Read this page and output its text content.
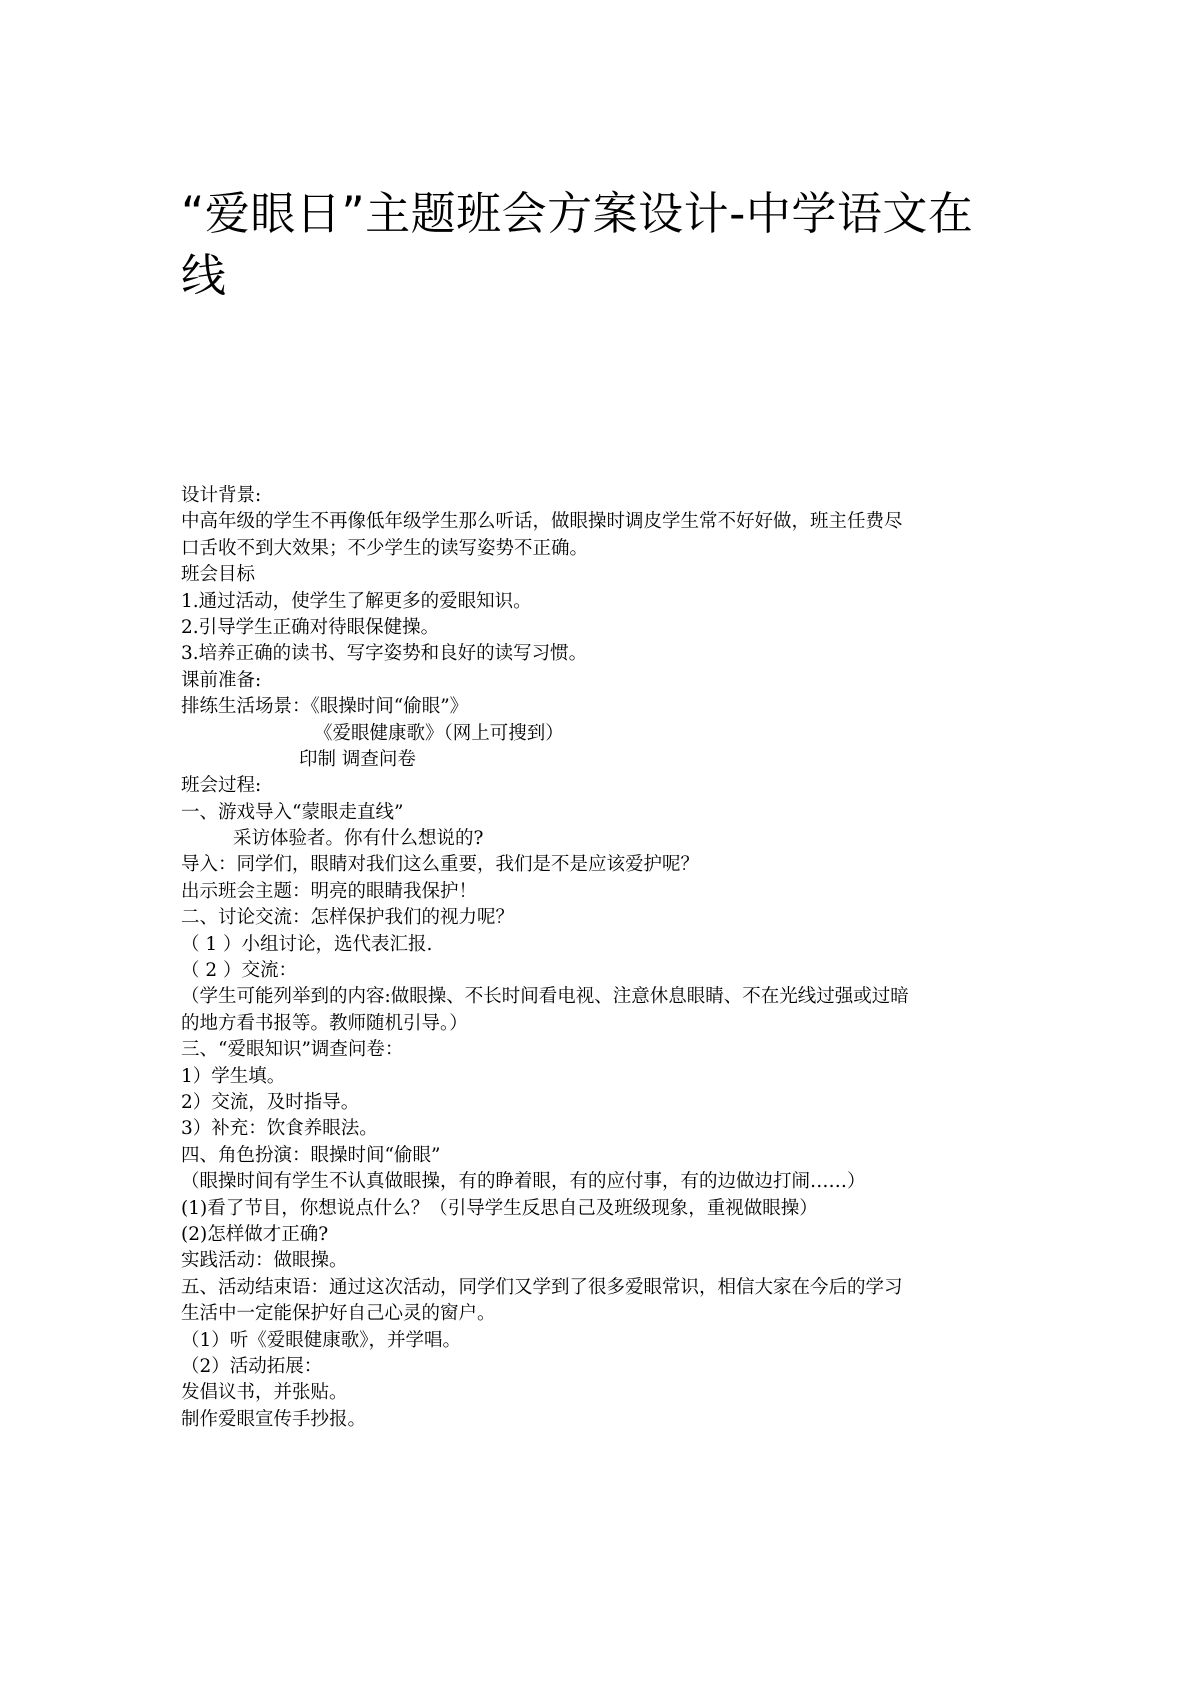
“爱眼日”主题班会方案设计-中学语文在线

设计背景:

中高年级的学生不再像低年级学生那么听话，做眼操时调皮学生常不好好做，班主任费尽

口舌收不到大效果；不少学生的读写姿势不正确。

班会目标

1.通过活动，使学生了解更多的爱眼知识。

2.引导学生正确对待眼保健操。

3.培养正确的读书、写字姿势和良好的读写习惯。

课前准备:

排练生活场景：《眼操时间“偷眼”》

《爱眼健康歌》（网上可搜到）

印制 调查问卷

班会过程:

一、游戏导入“蒙眼走直线”

采访体验者。你有什么想说的?

导入：同学们，眼睛对我们这么重要，我们是不是应该爱护呢？

出示班会主题：明亮的眼睛我保护！

二、讨论交流：怎样保护我们的视力呢？

（ 1 ）小组讨论，选代表汇报.

（ 2 ）交流：

（学生可能列举到的内容:做眼操、不长时间看电视、注意休息眼睛、不在光线过强或过暗

的地方看书报等。教师随机引导。）

三、“爱眼知识”调查问卷：

1）学生填。

2）交流，及时指导。

3）补充：饮食养眼法。

四、角色扮演：眼操时间“偷眼”

（眼操时间有学生不认真做眼操，有的睁着眼，有的应付事，有的边做边打闹……）

(1)看了节目，你想说点什么？（引导学生反思自己及班级现象，重视做眼操）

(2)怎样做才正确?

实践活动：做眼操。

五、活动结束语：通过这次活动，同学们又学到了很多爱眼常识，相信大家在今后的学习

生活中一定能保护好自己心灵的窗户。

（1）听《爱眼健康歌》，并学唱。

（2）活动拓展：

发倡议书，并张贴。

制作爱眼宣传手抄报。
